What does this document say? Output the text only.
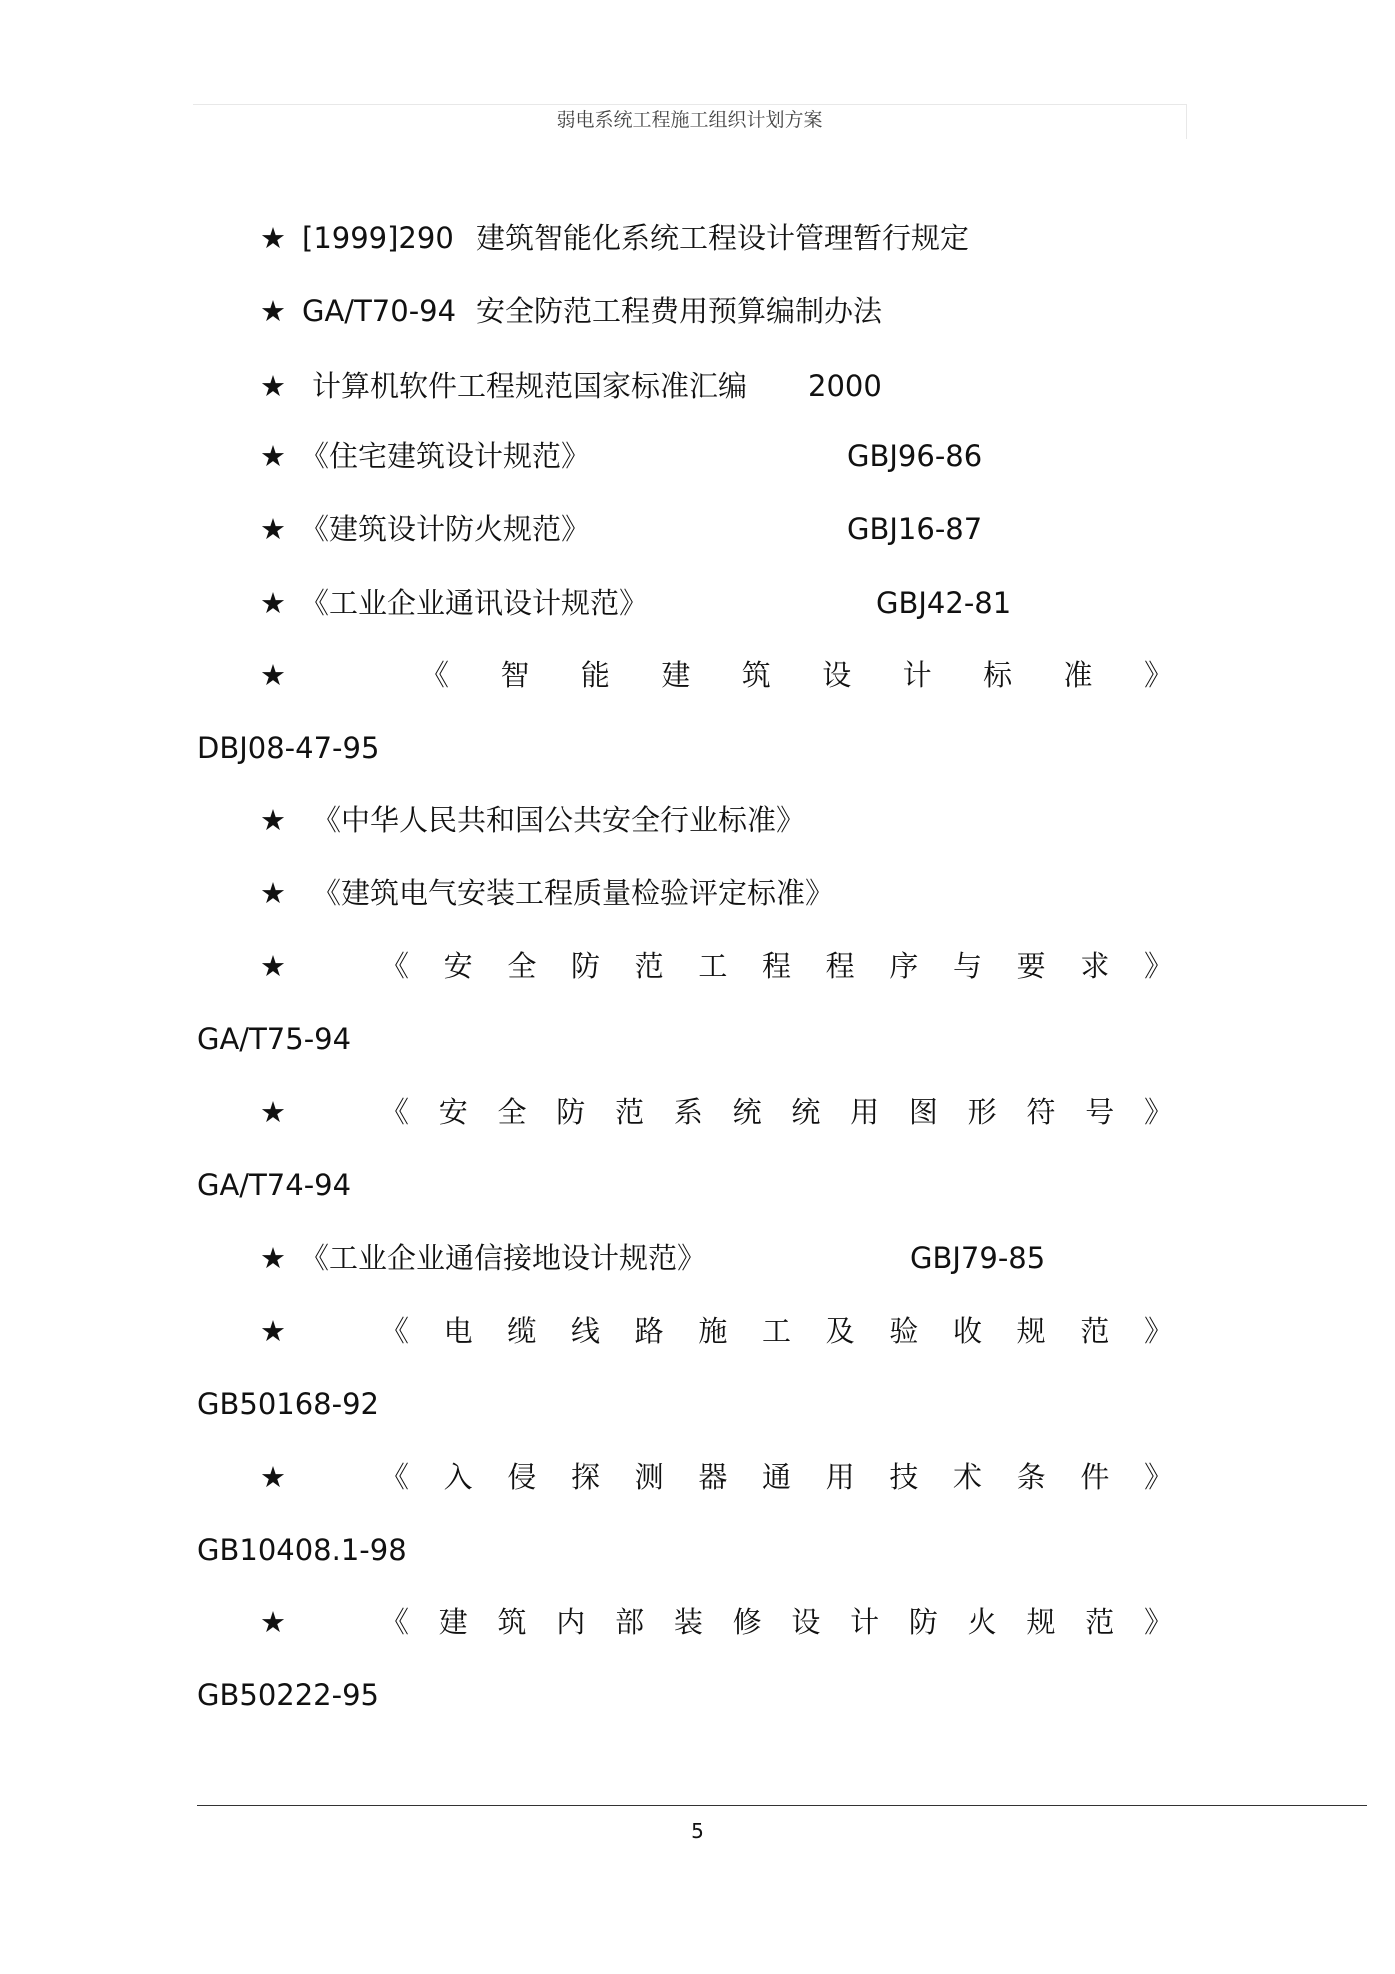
弱电系统工程施工组织计划方案
★ [1999]290 建筑智能化系统工程设计管理暂行规定
★ GA/T70-94 安全防范工程费用预算编制办法
★ 计算机软件工程规范国家标准汇编 2000
★ 《住宅建筑设计规范》	GBJ96-86
★ 《建筑设计防火规范》	GBJ16-87
★ 《工业企业通讯设计规范》	GBJ42-81
★	《智能建筑设计标准》
DBJ08-47-95
★ 《中华人民共和国公共安全行业标准》
★ 《建筑电气安装工程质量检验评定标准》
★	《安全防范工程程序与要求》
GA/T75-94
★	《安全防范系统统用图形符号》
GA/T74-94
★ 《工业企业通信接地设计规范》	GBJ79-85
★	《电缆线路施工及验收规范》
GB50168-92
★	《入侵探测器通用技术条件》
GB10408.1-98
★	《建筑内部装修设计防火规范》
GB50222-95
5
